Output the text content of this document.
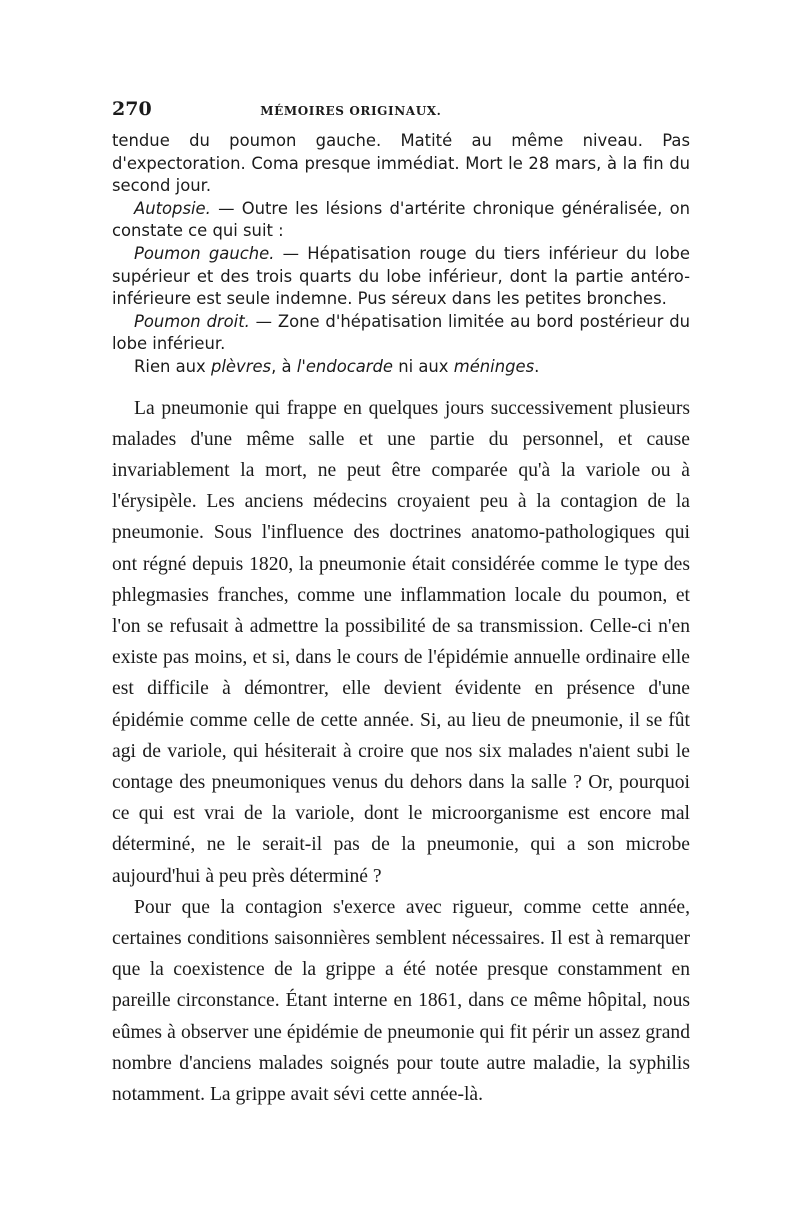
270	MÉMOIRES ORIGINAUX.

tendue du poumon gauche. Matité au même niveau. Pas d'expectoration. Coma presque immédiat. Mort le 28 mars, à la fin du second jour.

Autopsie. — Outre les lésions d'artérite chronique généralisée, on constate ce qui suit :

Poumon gauche. — Hépatisation rouge du tiers inférieur du lobe supérieur et des trois quarts du lobe inférieur, dont la partie antéro-inférieure est seule indemne. Pus séreux dans les petites bronches.

Poumon droit. — Zone d'hépatisation limitée au bord postérieur du lobe inférieur.

Rien aux plèvres, à l'endocarde ni aux méninges.

La pneumonie qui frappe en quelques jours successivement plusieurs malades d'une même salle et une partie du personnel, et cause invariablement la mort, ne peut être comparée qu'à la variole ou à l'érysipèle. Les anciens médecins croyaient peu à la contagion de la pneumonie. Sous l'influence des doctrines anatomo-pathologiques qui ont régné depuis 1820, la pneumonie était considérée comme le type des phlegmasies franches, comme une inflammation locale du poumon, et l'on se refusait à admettre la possibilité de sa transmission. Celle-ci n'en existe pas moins, et si, dans le cours de l'épidémie annuelle ordinaire elle est difficile à démontrer, elle devient évidente en présence d'une épidémie comme celle de cette année. Si, au lieu de pneumonie, il se fût agi de variole, qui hésiterait à croire que nos six malades n'aient subi le contage des pneumoniques venus du dehors dans la salle ? Or, pourquoi ce qui est vrai de la variole, dont le microorganisme est encore mal déterminé, ne le serait-il pas de la pneumonie, qui a son microbe aujourd'hui à peu près déterminé ?

Pour que la contagion s'exerce avec rigueur, comme cette année, certaines conditions saisonnières semblent nécessaires. Il est à remarquer que la coexistence de la grippe a été notée presque constamment en pareille circonstance. Étant interne en 1861, dans ce même hôpital, nous eûmes à observer une épidémie de pneumonie qui fit périr un assez grand nombre d'anciens malades soignés pour toute autre maladie, la syphilis notamment. La grippe avait sévi cette année-là.
